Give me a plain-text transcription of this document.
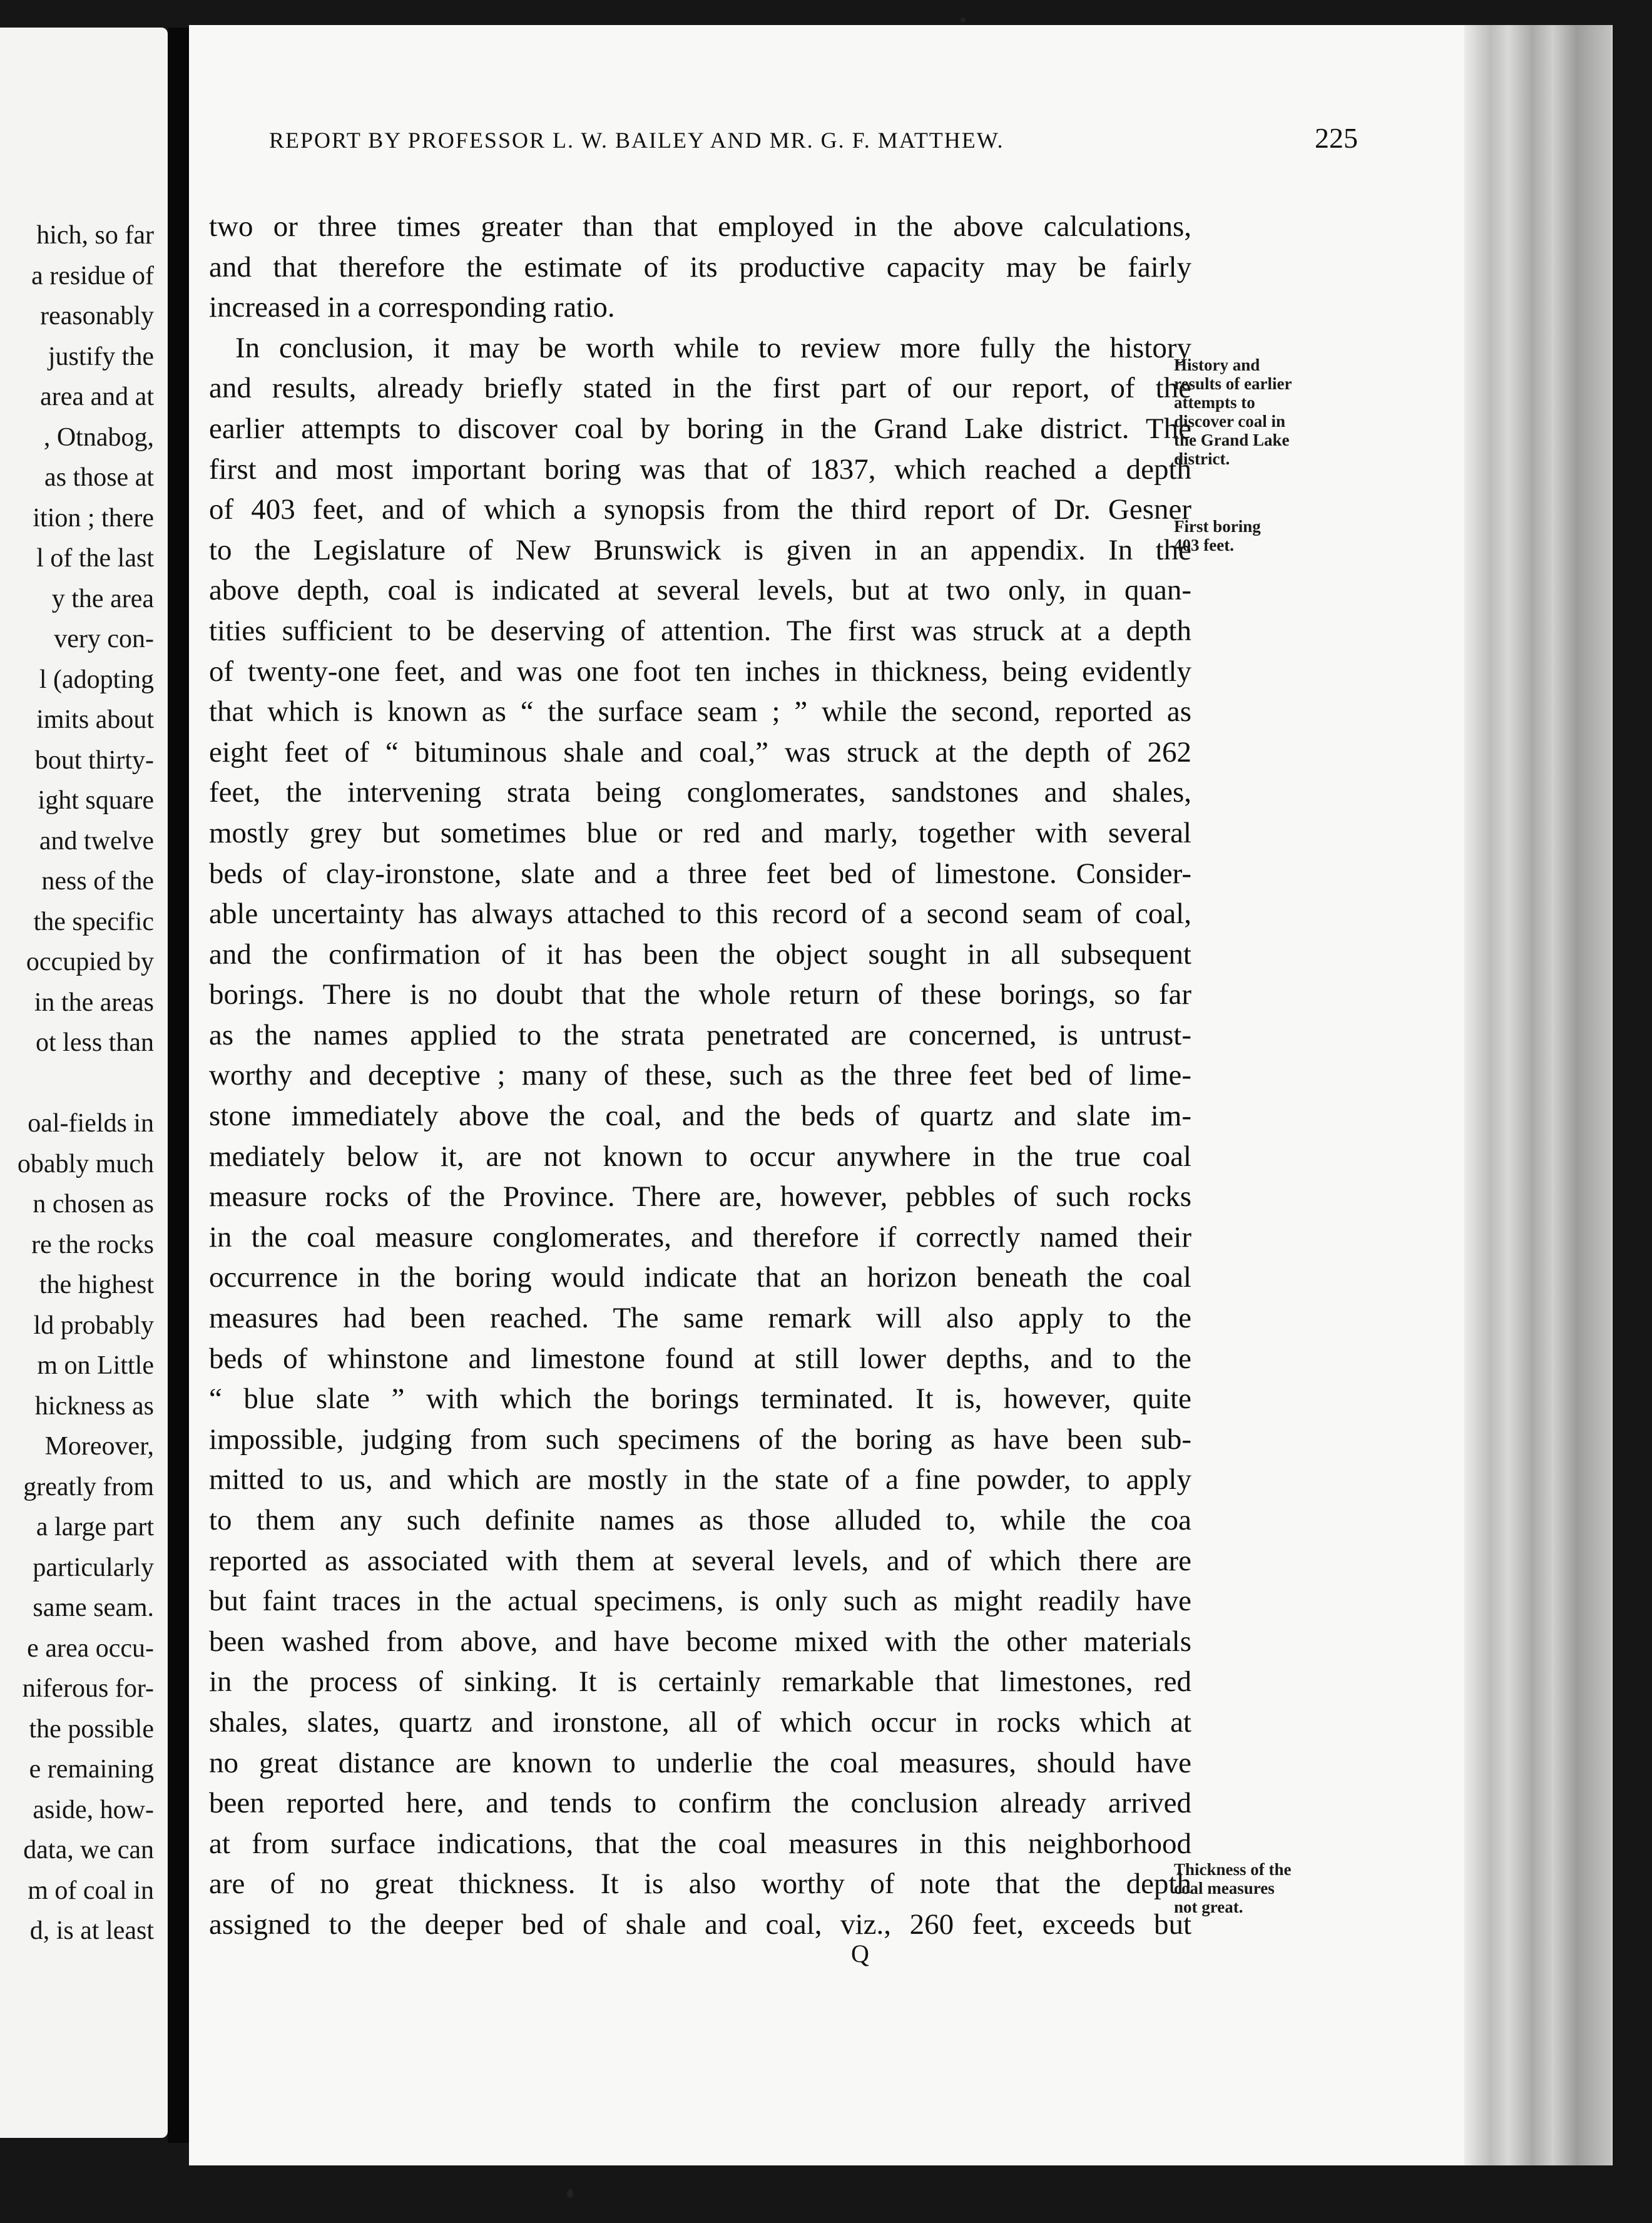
hich, so far
a residue of
reasonably
justify the
area and at
, Otnabog,
as those at
ition ; there
l of the last
y the area
very con-
l (adopting
imits about
bout thirty-
ight square
and twelve
ness of the
the specific
occupied by
in the areas
ot less than

oal-fields in
obably much
n chosen as
re the rocks
the highest
ld probably
m on Little
hickness as
Moreover,
greatly from
a large part
particularly
same seam.
e area occu-
niferous for-
the possible
e remaining
aside, how-
data, we can
m of coal in
d, is at least
REPORT BY PROFESSOR L. W. BAILEY AND MR. G. F. MATTHEW.	225
two or three times greater than that employed in the above calculations,
and that therefore the estimate of its productive capacity may be fairly
increased in a corresponding ratio.
In conclusion, it may be worth while to review more fully the history
and results, already briefly stated in the first part of our report, of the
earlier attempts to discover coal by boring in the Grand Lake district. The
first and most important boring was that of 1837, which reached a depth
of 403 feet, and of which a synopsis from the third report of Dr. Gesner
to the Legislature of New Brunswick is given in an appendix. In the
above depth, coal is indicated at several levels, but at two only, in quan-
tities sufficient to be deserving of attention. The first was struck at a depth
of twenty-one feet, and was one foot ten inches in thickness, being evidently
that which is known as “ the surface seam ; ” while the second, reported as
eight feet of “ bituminous shale and coal,” was struck at the depth of 262
feet, the intervening strata being conglomerates, sandstones and shales,
mostly grey but sometimes blue or red and marly, together with several
beds of clay-ironstone, slate and a three feet bed of limestone. Consider-
able uncertainty has always attached to this record of a second seam of coal,
and the confirmation of it has been the object sought in all subsequent
borings. There is no doubt that the whole return of these borings, so far
as the names applied to the strata penetrated are concerned, is untrust-
worthy and deceptive ; many of these, such as the three feet bed of lime-
stone immediately above the coal, and the beds of quartz and slate im-
mediately below it, are not known to occur anywhere in the true coal
measure rocks of the Province. There are, however, pebbles of such rocks
in the coal measure conglomerates, and therefore if correctly named their
occurrence in the boring would indicate that an horizon beneath the coal
measures had been reached. The same remark will also apply to the
beds of whinstone and limestone found at still lower depths, and to the
“ blue slate ” with which the borings terminated. It is, however, quite
impossible, judging from such specimens of the boring as have been sub-
mitted to us, and which are mostly in the state of a fine powder, to apply
to them any such definite names as those alluded to, while the coa
reported as associated with them at several levels, and of which there are
but faint traces in the actual specimens, is only such as might readily have
been washed from above, and have become mixed with the other materials
in the process of sinking. It is certainly remarkable that limestones, red
shales, slates, quartz and ironstone, all of which occur in rocks which at
no great distance are known to underlie the coal measures, should have
been reported here, and tends to confirm the conclusion already arrived
at from surface indications, that the coal measures in this neighborhood
are of no great thickness. It is also worthy of note that the depth
assigned to the deeper bed of shale and coal, viz., 260 feet, exceeds but
History and
results of earlier
attempts to
discover coal in
the Grand Lake
district.
First boring
403 feet.
Thickness of the
coal measures
not great.
Q
